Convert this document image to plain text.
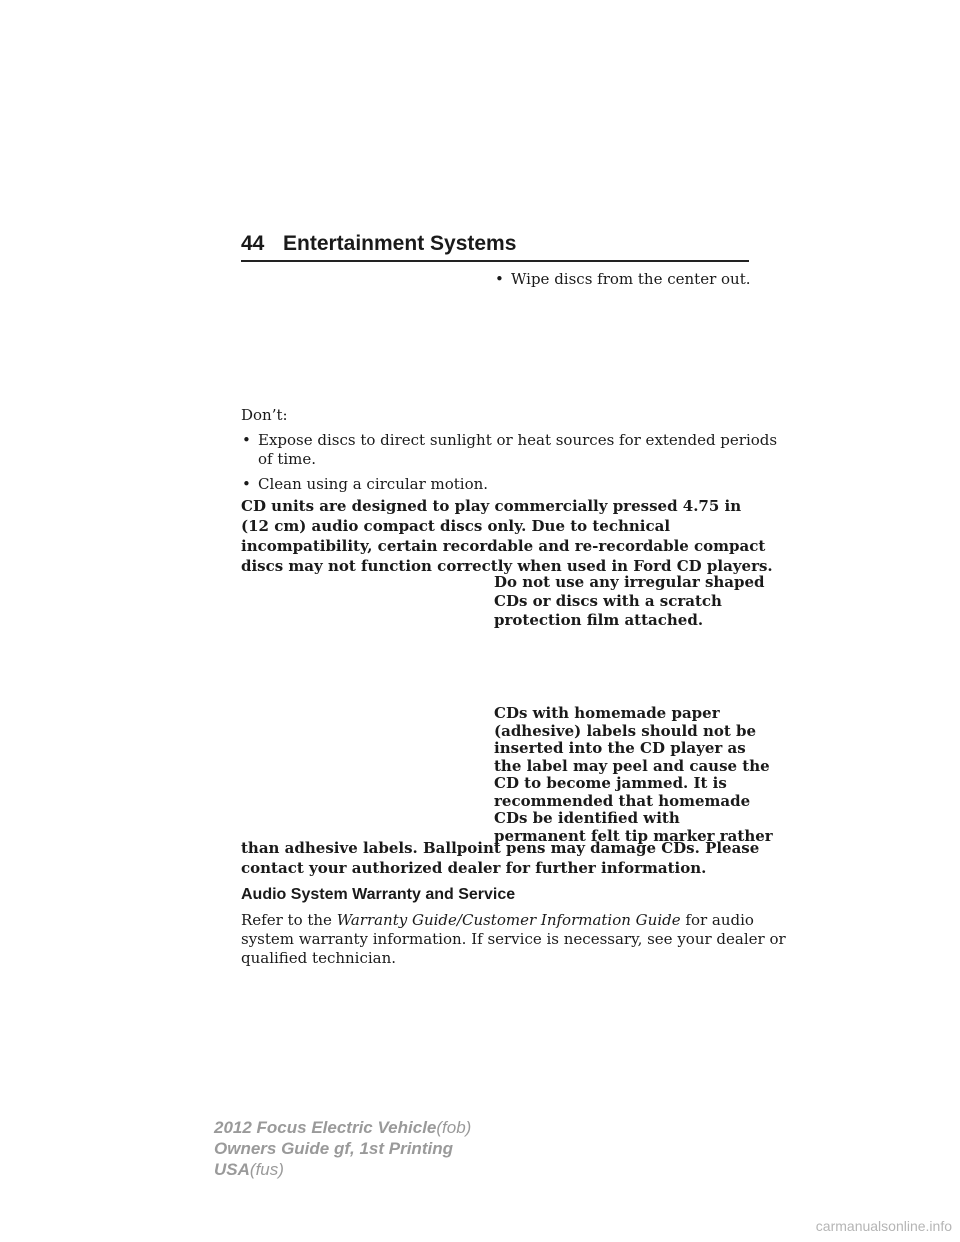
44 Entertainment Systems
• Wipe discs from the center out.
Don’t:
• Expose discs to direct sunlight or heat sources for extended periods
of time.
• Clean using a circular motion.
CD units are designed to play commercially pressed 4.75 in
(12 cm) audio compact discs only. Due to technical
incompatibility, certain recordable and re-recordable compact
discs may not function correctly when used in Ford CD players.
Do not use any irregular shaped
CDs or discs with a scratch
protection film attached.
CDs with homemade paper
(adhesive) labels should not be
inserted into the CD player as
the label may peel and cause the
CD to become jammed. It is
recommended that homemade
CDs be identified with
permanent felt tip marker rather
than adhesive labels. Ballpoint pens may damage CDs. Please
contact your authorized dealer for further information.
Audio System Warranty and Service
Refer to the Warranty Guide/Customer Information Guide for audio
system warranty information. If service is necessary, see your dealer or
qualified technician.
2012 Focus Electric Vehicle(fob)
Owners Guide gf, 1st Printing
USA(fus)
carmanualsonline.info
